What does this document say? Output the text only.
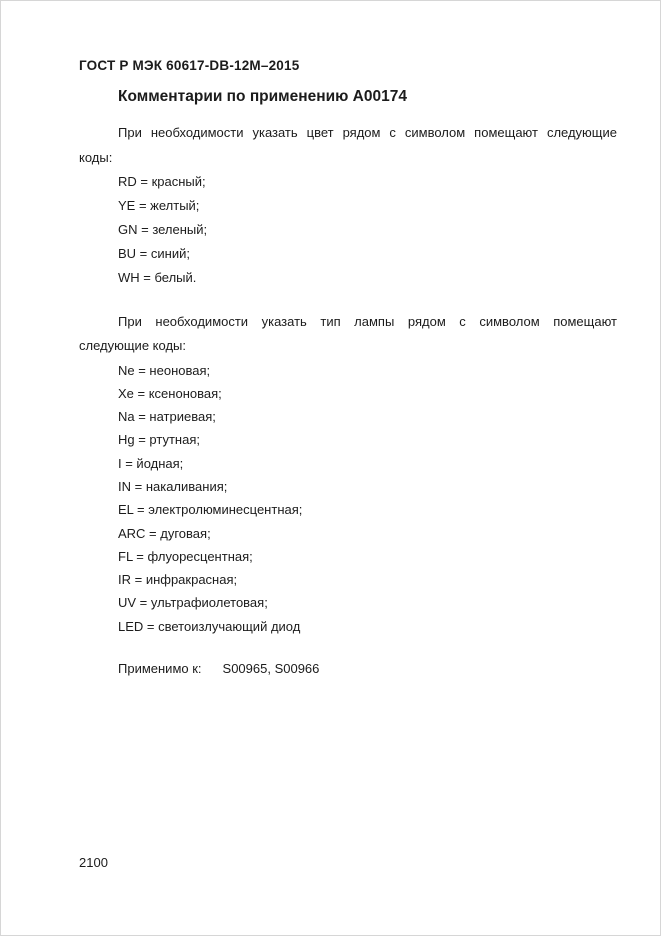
ГОСТ Р МЭК 60617-DB-12M–2015
Комментарии по применению A00174

При необходимости указать цвет рядом с символом помещают следующие
коды:

RD = красный;
YE = желтый;
GN = зеленый;
BU = синий;
WH = белый.

При необходимости указать тип лампы рядом с символом помещают
следующие коды:

Ne = неоновая;
Xe = ксеноновая;
Na = натриевая;
Hg = ртутная;
I = йодная;
IN = накаливания;
EL = электролюминесцентная;
ARC = дуговая;
FL = флуоресцентная;
IR = инфракрасная;
UV = ультрафиолетовая;
LED = светоизлучающий диод
Применимо к: S00965, S00966
2100
